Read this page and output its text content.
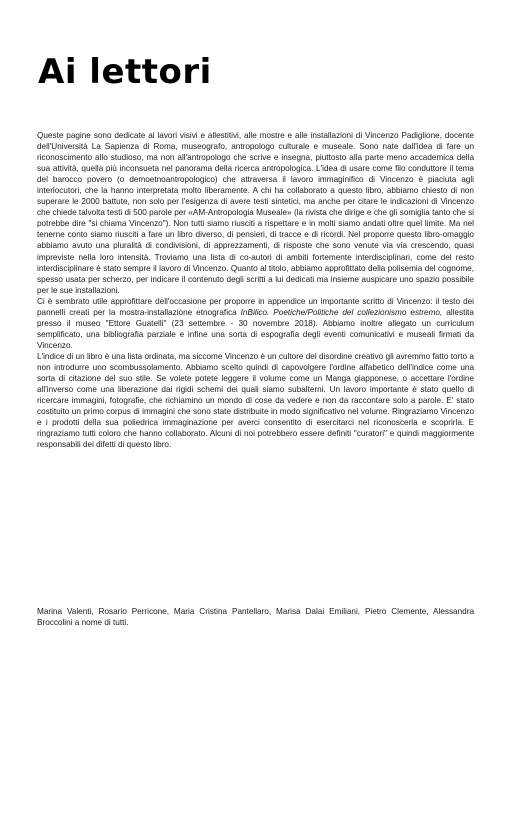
Ai lettori

Queste pagine sono dedicate ai lavori visivi e allestitivi, alle mostre e alle installazioni di Vincenzo Padiglione, docente dell'Università La Sapienza di Roma, museografo, antropologo culturale e museale. Sono nate dall'idea di fare un riconoscimento allo studioso, ma non all'antropologo che scrive e insegna, piuttosto alla parte meno accademica della sua attività, quella più inconsueta nel panorama della ricerca antropologica. L'idea di usare come filo conduttore il tema del barocco povero (o demoetnoantropologico) che attraversa il lavoro immaginifico di Vincenzo è piaciuta agli interlocutori, che la hanno interpretata molto liberamente. A chi ha collaborato a questo libro, abbiamo chiesto di non superare le 2000 battute, non solo per l'esigenza di avere testi sintetici, ma anche per citare le indicazioni di Vincenzo che chiede talvolta testi di 500 parole per «AM-Antropologia Museale» (la rivista che dirige e che gli somiglia tanto che si potrebbe dire "si chiama Vincenzo"). Non tutti siamo riusciti a rispettare e in molti siamo andati oltre quel limite. Ma nel tenerne conto siamo riusciti a fare un libro diverso, di pensieri, di tracce e di ricordi. Nel proporre questo libro-omaggio abbiamo avuto una pluralità di condivisioni, di apprezzamenti, di risposte che sono venute via via crescendo, quasi impreviste nella loro intensità. Troviamo una lista di co-autori di ambiti fortemente interdisciplinari, come del resto interdisciplinare è stato sempre il lavoro di Vincenzo. Quanto al titolo, abbiamo approfittato della polisemia del cognome, spesso usata per scherzo, per indicare il contenuto degli scritti a lui dedicati ma insieme auspicare uno spazio possibile per le sue installazioni.

Ci è sembrato utile approfittare dell'occasione per proporre in appendice un importante scritto di Vincenzo: il testo dei pannelli creati per la mostra-installazione etnografica InBilico. Poetiche/Politiche del collezionismo estremo, allestita presso il museo "Ettore Guatelli" (23 settembre - 30 novembre 2018). Abbiamo inoltre allegato un curriculum semplificato, una bibliografia parziale e infine una sorta di espografia degli eventi comunicativi e museali firmati da Vincenzo.

L'indice di un libro è una lista ordinata, ma siccome Vincenzo è un cultore del disordine creativo gli avremmo fatto torto a non introdurre uno scombussolamento. Abbiamo scelto quindi di capovolgere l'ordine alfabetico dell'indice come una sorta di citazione del suo stile. Se volete potete leggere il volume come un Manga giapponese, o accettare l'ordine all'inverso come una liberazione dai rigidi schemi dei quali siamo subalterni. Un lavoro importante è stato quello di ricercare immagini, fotografie, che richiamino un mondo di cose da vedere e non da raccontare solo a parole. E' stato costituito un primo corpus di immagini che sono state distribuite in modo significativo nel volume. Ringraziamo Vincenzo e i prodotti della sua poliedrica immaginazione per averci consentito di esercitarci nel riconoscerla e scoprirla. E ringraziamo tutti coloro che hanno collaborato. Alcuni di noi potrebbero essere definiti "curatori" e quindi maggiormente responsabili dei difetti di questo libro.

Marina Valenti, Rosario Perricone, Maria Cristina Pantellaro, Marisa Dalai Emiliani, Pietro Clemente, Alessandra Broccolini a nome di tutti.
